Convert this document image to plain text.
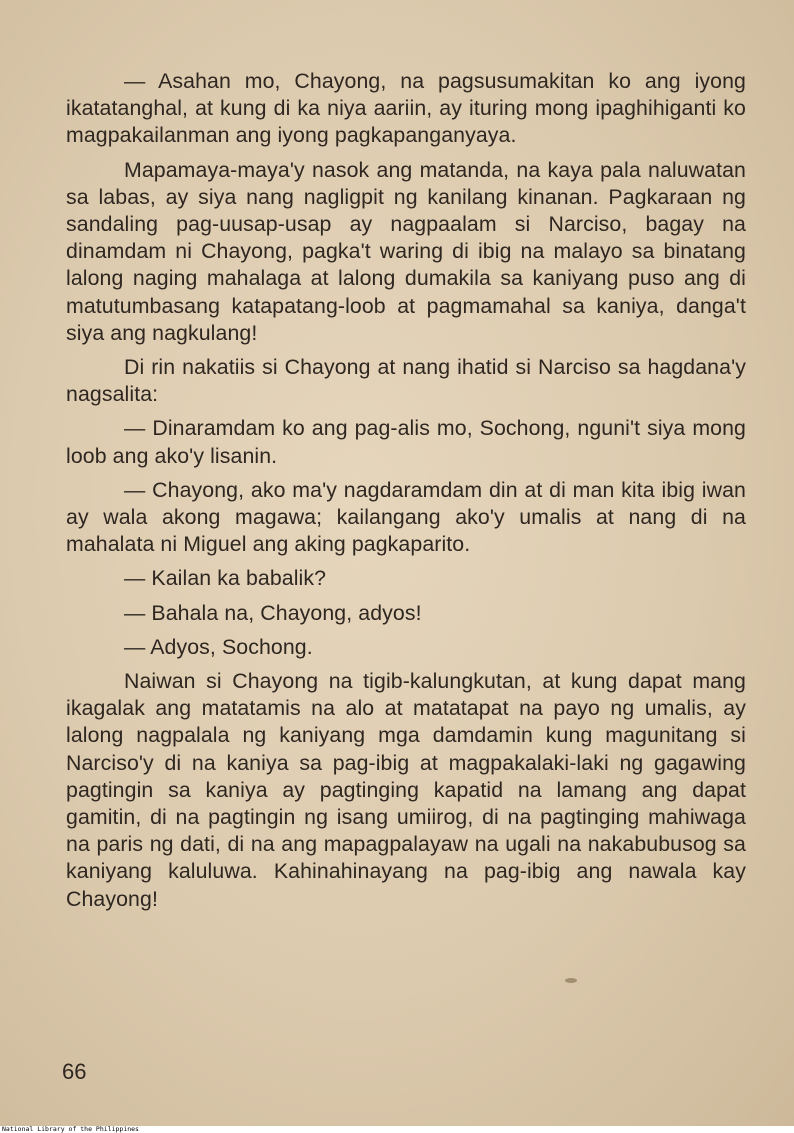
— Asahan mo, Chayong, na pagsusumakitan ko ang iyong ikatatanghal, at kung di ka niya aariin, ay ituring mong ipaghihiganti ko magpakailanman ang iyong pagkapanganyaya.

Mapamaya-maya'y nasok ang matanda, na kaya pala naluwatan sa labas, ay siya nang nagligpit ng kanilang kinanan. Pagkaraan ng sandaling pag-uusap-usap ay nagpaalam si Narciso, bagay na dinamdam ni Chayong, pagka't waring di ibig na malayo sa binatang lalong naging mahalaga at lalong dumakila sa kaniyang puso ang di matutumbasang katapatang-loob at pagmamahal sa kaniya, danga't siya ang nagkulang!

Di rin nakatiis si Chayong at nang ihatid si Narciso sa hagdana'y nagsalita:

— Dinaramdam ko ang pag-alis mo, Sochong, nguni't siya mong loob ang ako'y lisanin.

— Chayong, ako ma'y nagdaramdam din at di man kita ibig iwan ay wala akong magawa; kailangang ako'y umalis at nang di na mahalata ni Miguel ang aking pagkaparito.

— Kailan ka babalik?

— Bahala na, Chayong, adyos!

— Adyos, Sochong.

Naiwan si Chayong na tigib-kalungkutan, at kung dapat mang ikagalak ang matatamis na alo at matatapat na payo ng umalis, ay lalong nagpalala ng kaniyang mga damdamin kung magunitang si Narciso'y di na kaniya sa pag-ibig at magpakalaki-laki ng gagawing pagtingin sa kaniya ay pagtinging kapatid na lamang ang dapat gamitin, di na pagtingin ng isang umiirog, di na pagtinging mahiwaga na paris ng dati, di na ang mapagpalayaw na ugali na nakabubusog sa kaniyang kaluluwa. Kahinahinayang na pag-ibig ang nawala kay Chayong!

66
National Library of the Philippines
